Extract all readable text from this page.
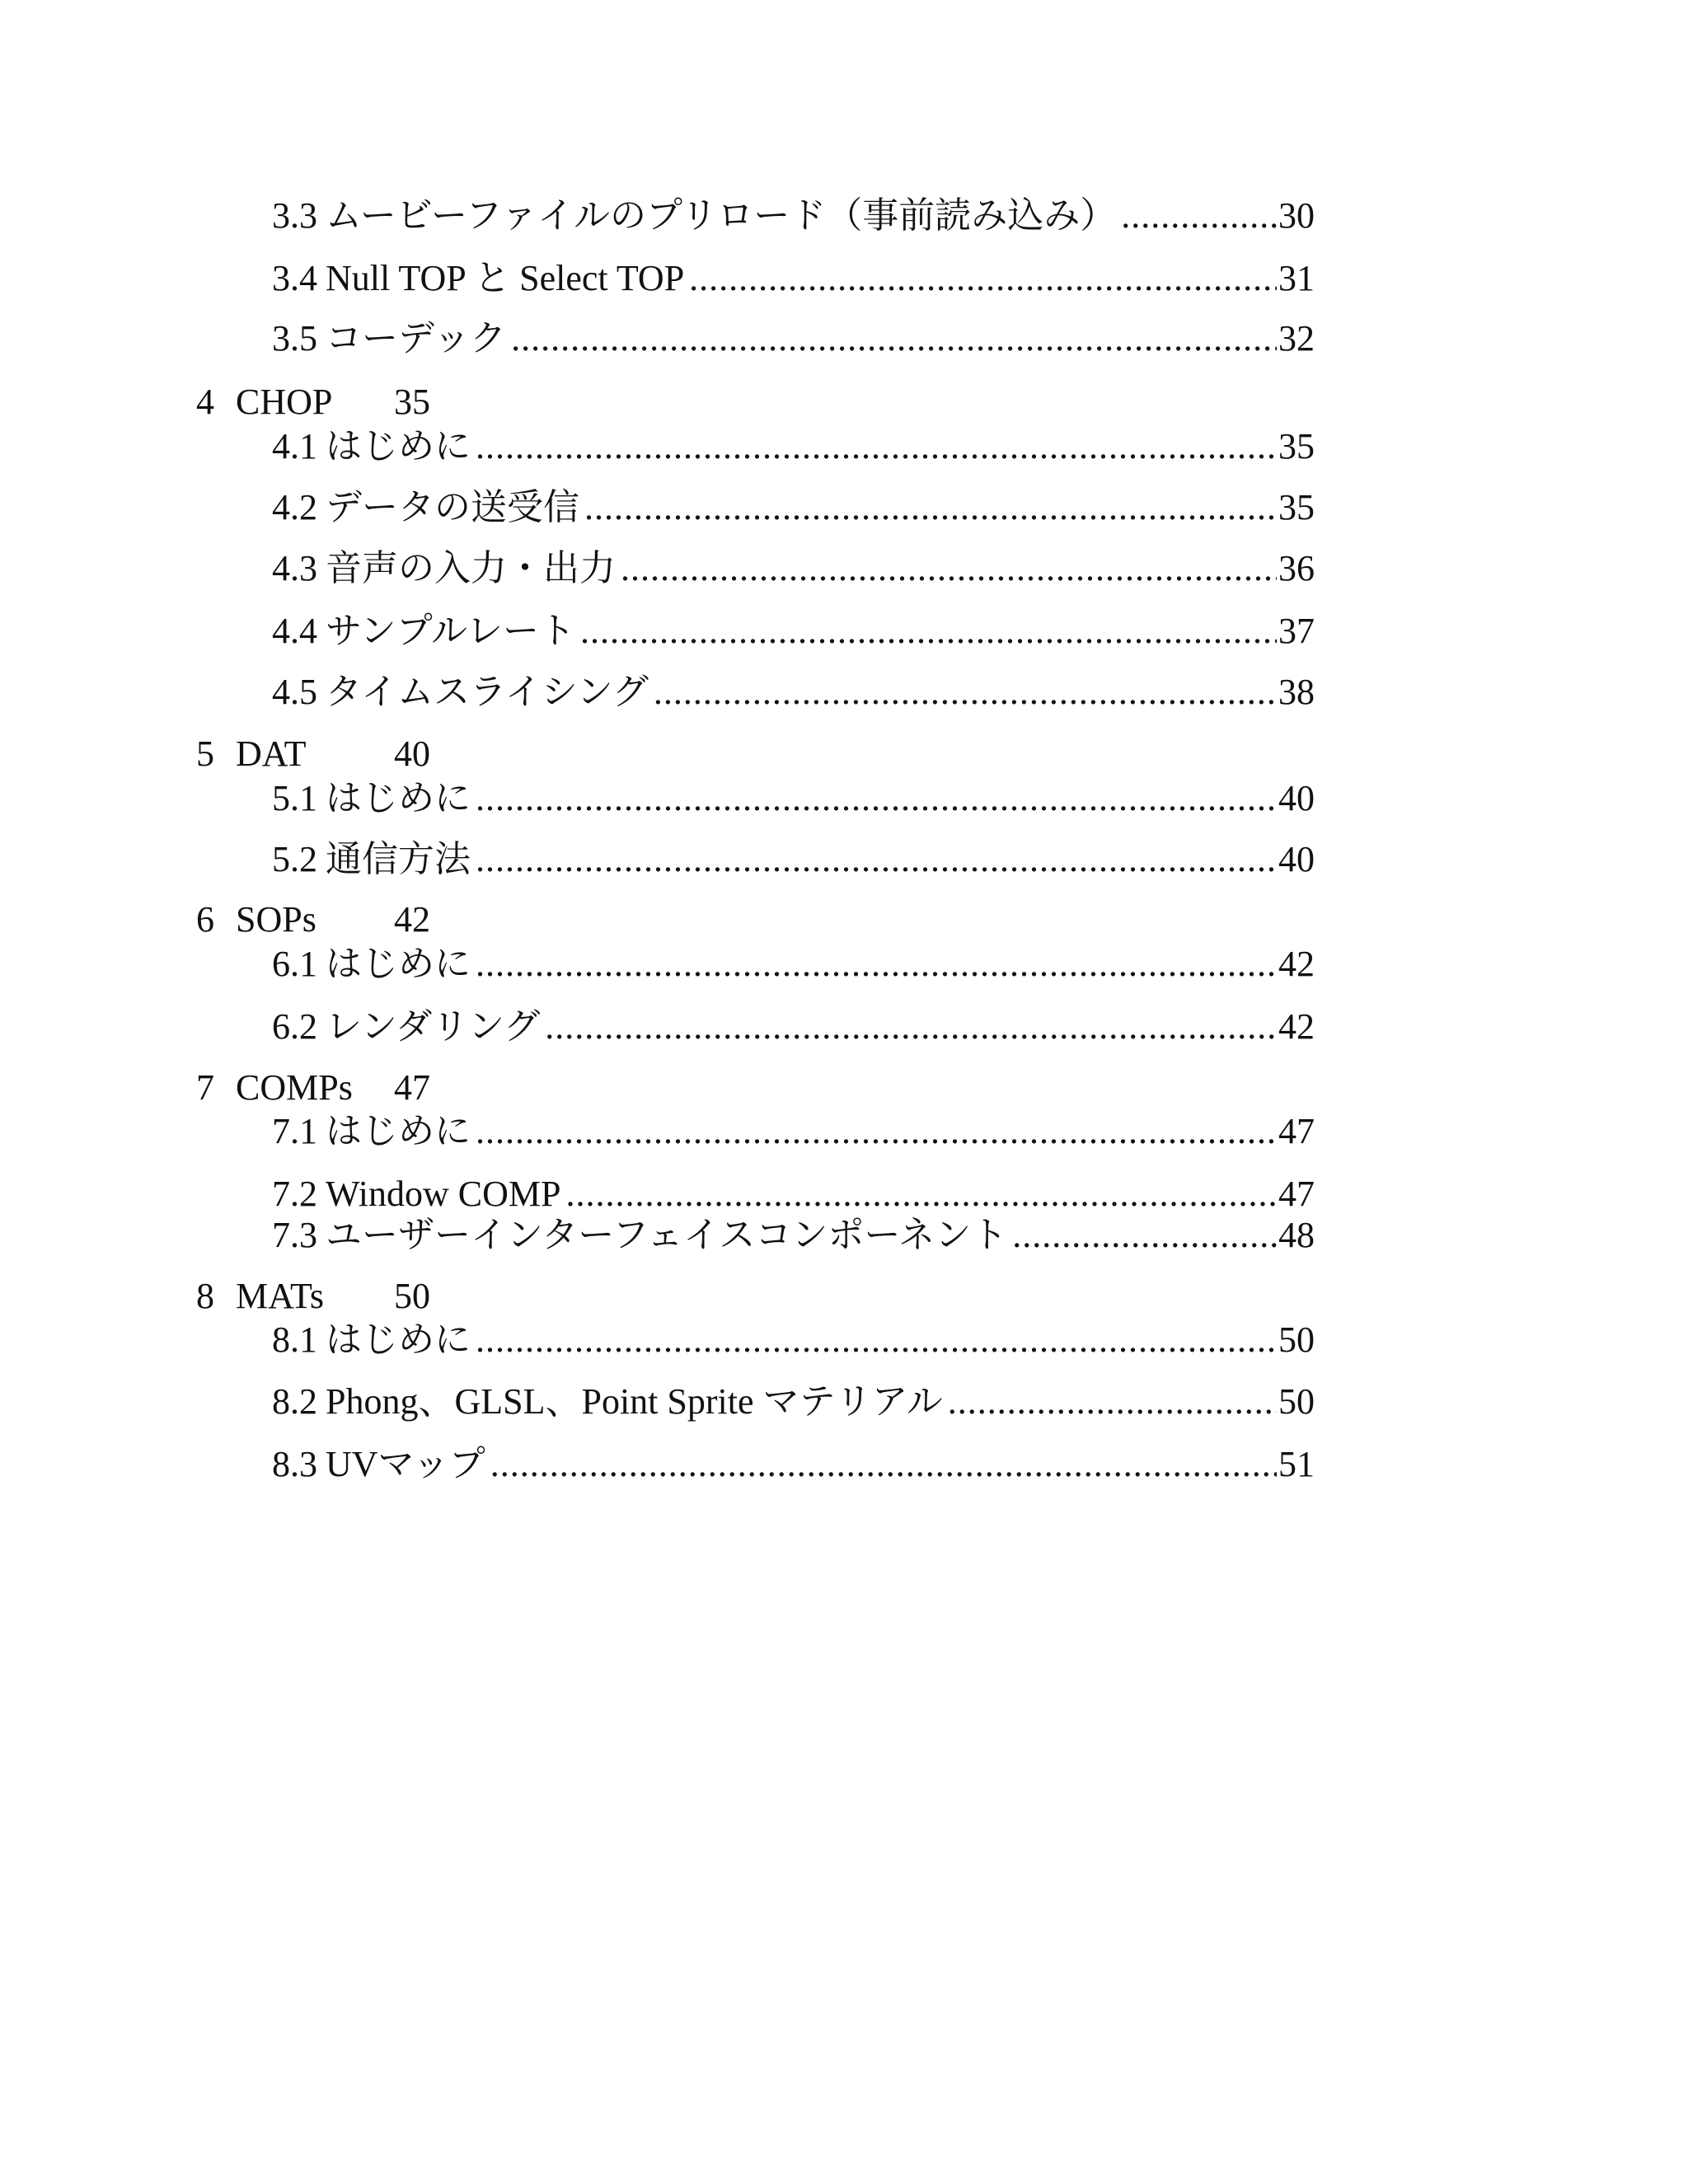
3.3 ムービーファイルのプリロード（事前読み込み） .....	30
3.4 Null TOP と Select TOP .....	31
3.5 コーデック .....	32
4 CHOP 35
4.1 はじめに .....	35
4.2 データの送受信 .....	35
4.3 音声の入力・出力 .....	36
4.4 サンプルレート .....	37
4.5 タイムスライシング .....	38
5 DAT 40
5.1 はじめに .....	40
5.2 通信方法 .....	40
6 SOPs 42
6.1 はじめに .....	42
6.2 レンダリング .....	42
7 COMPs 47
7.1 はじめに .....	47
7.2 Window COMP .....	47
7.3 ユーザーインターフェイスコンポーネント .....	48
8 MATs 50
8.1 はじめに .....	50
8.2 Phong、GLSL、Point Sprite マテリアル .....	50
8.3 UVマップ .....	51
